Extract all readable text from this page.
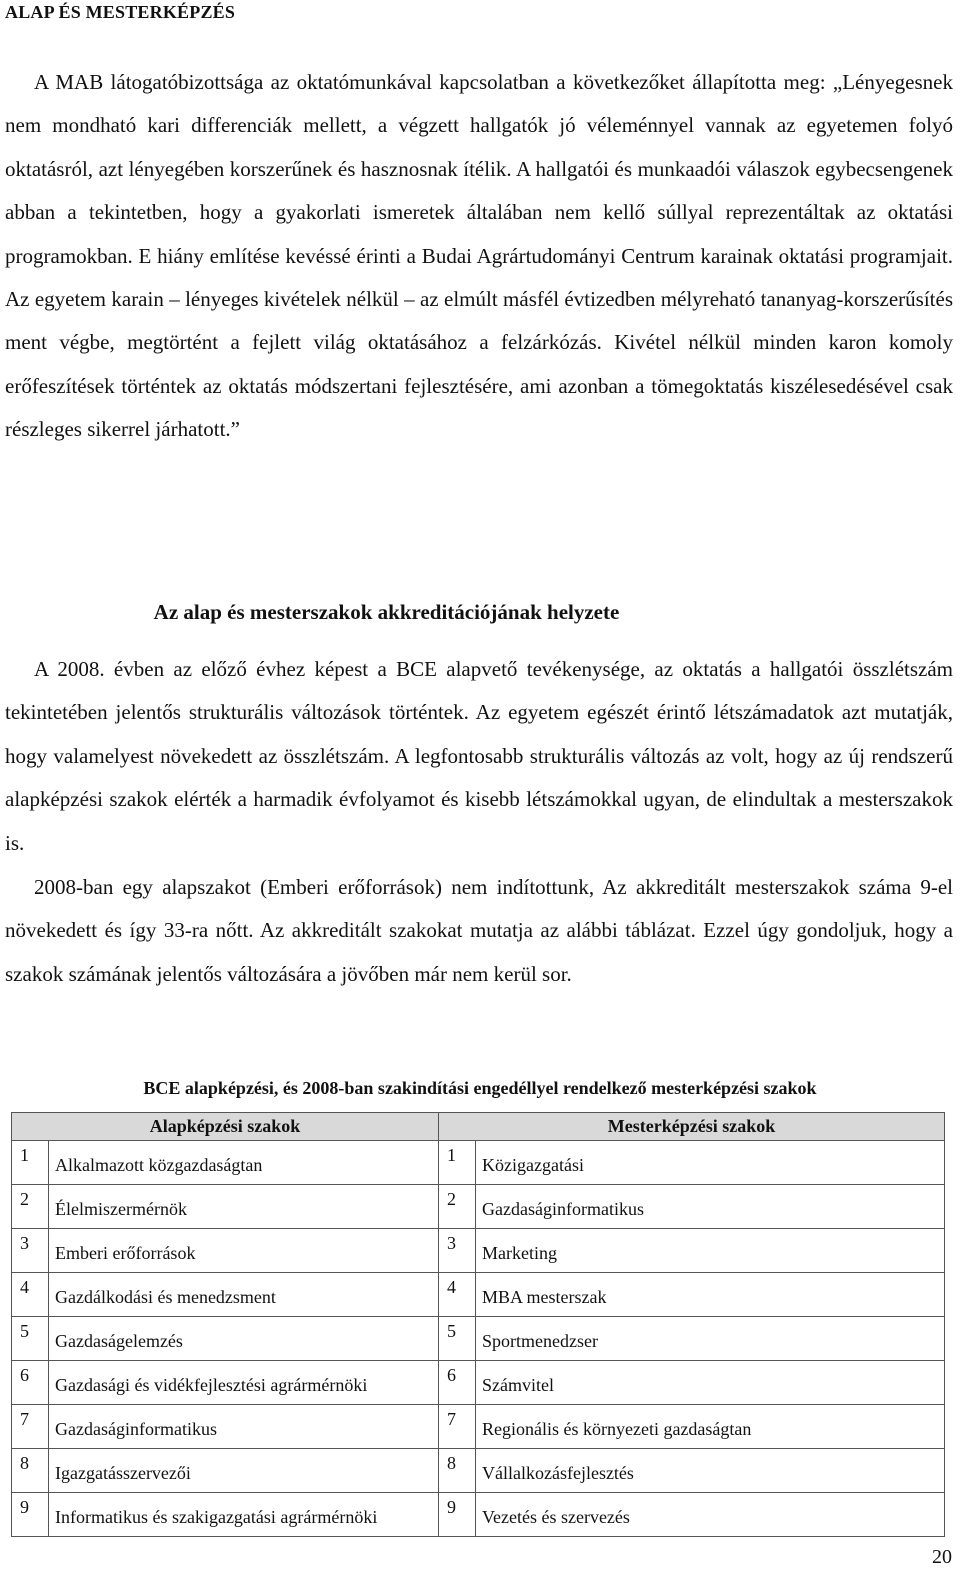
ALAP ÉS MESTERKÉPZÉS

A MAB látogatóbizottsága az oktatómunkával kapcsolatban a következőket állapította meg: „Lényegesnek nem mondható kari differenciák mellett, a végzett hallgatók jó véleménnyel vannak az egyetemen folyó oktatásról, azt lényegében korszerűnek és hasznosnak ítélik. A hallgatói és munkaadói válaszok egybecsengenek abban a tekintetben, hogy a gyakorlati ismeretek általában nem kellő súllyal reprezentáltak az oktatási programokban. E hiány említése kevéssé érinti a Budai Agrártudományi Centrum karainak oktatási programjait. Az egyetem karain – lényeges kivételek nélkül – az elmúlt másfél évtizedben mélyreható tananyag-korszerűsítés ment végbe, megtörtént a fejlett világ oktatásához a felzárkózás. Kivétel nélkül minden karon komoly erőfeszítések történtek az oktatás módszertani fejlesztésére, ami azonban a tömegoktatás kiszélesedésével csak részleges sikerrel járhatott.”

Az alap és mesterszakok akkreditációjának helyzete

A 2008. évben az előző évhez képest a BCE alapvető tevékenysége, az oktatás a hallgatói összlétszám tekintetében jelentős strukturális változások történtek. Az egyetem egészét érintő létszámadatok azt mutatják, hogy valamelyest növekedett az összlétszám. A legfontosabb strukturális változás az volt, hogy az új rendszerű alapképzési szakok elérték a harmadik évfolyamot és kisebb létszámokkal ugyan, de elindultak a mesterszakok is.

2008-ban egy alapszakot (Emberi erőforrások) nem indítottunk, Az akkreditált mesterszakok száma 9-el növekedett és így 33-ra nőtt. Az akkreditált szakokat mutatja az alábbi táblázat. Ezzel úgy gondoljuk, hogy a szakok számának jelentős változására a jövőben már nem kerül sor.

BCE alapképzési, és 2008-ban szakindítási engedéllyel rendelkező mesterképzési szakok
Alapképzési szakok		Mesterképzési szakok	
1	Alkalmazott közgazdaságtan	1	Közigazgatási
2	Élelmiszermérnök	2	Gazdaságinformatikus
3	Emberi erőforrások	3	Marketing
4	Gazdálkodási és menedzsment	4	MBA mesterszak
5	Gazdaságelemzés	5	Sportmenedzser
6	Gazdasági és vidékfejlesztési agrármérnöki	6	Számvitel
7	Gazdaságinformatikus	7	Regionális és környezeti gazdaságtan
8	Igazgatásszervezői	8	Vállalkozásfejlesztés
9	Informatikus és szakigazgatási agrármérnöki	9	Vezetés és szervezés
20
